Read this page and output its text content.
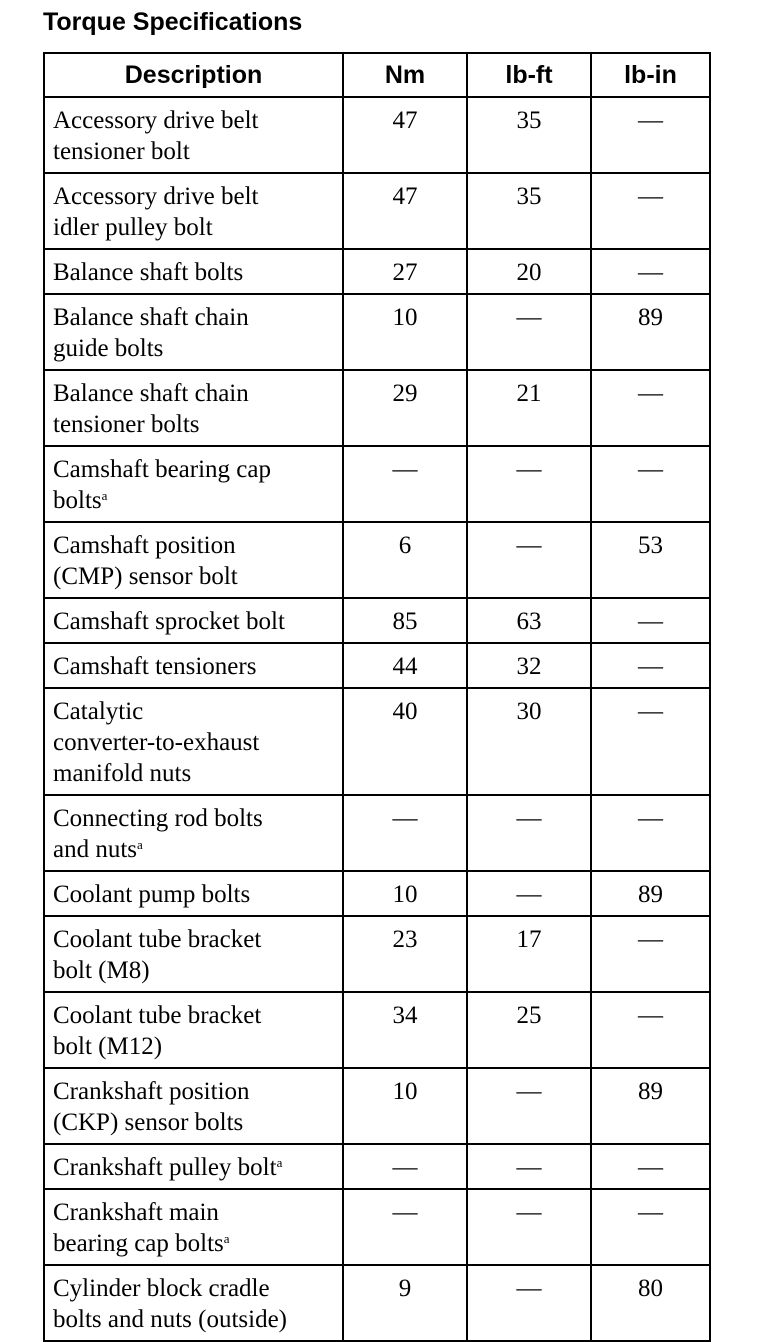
Torque Specifications
Description	Nm	lb-ft	lb-in
Accessory drive belt
tensioner bolt	47	35	—
Accessory drive belt
idler pulley bolt	47	35	—
Balance shaft bolts	27	20	—
Balance shaft chain
guide bolts	10	—	89
Balance shaft chain
tensioner bolts	29	21	—
Camshaft bearing cap
bolts$^a$	—	—	—
Camshaft position
(CMP) sensor bolt	6	—	53
Camshaft sprocket bolt	85	63	—
Camshaft tensioners	44	32	—
Catalytic
converter-to-exhaust
manifold nuts	40	30	—
Connecting rod bolts
and nuts$^a$	—	—	—
Coolant pump bolts	10	—	89
Coolant tube bracket
bolt (M8)	23	17	—
Coolant tube bracket
bolt (M12)	34	25	—
Crankshaft position
(CKP) sensor bolts	10	—	89
Crankshaft pulley bolt$^a$	—	—	—
Crankshaft main
bearing cap bolts$^a$	—	—	—
Cylinder block cradle
bolts and nuts (outside)	9	—	80
